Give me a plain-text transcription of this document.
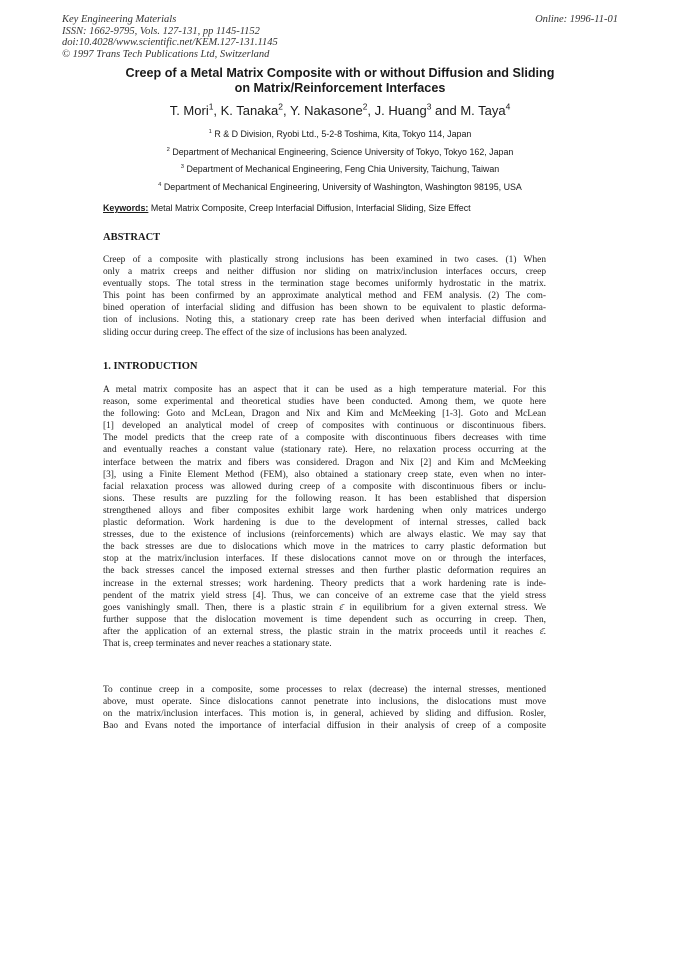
Key Engineering Materials
ISSN: 1662-9795, Vols. 127-131, pp 1145-1152
doi:10.4028/www.scientific.net/KEM.127-131.1145
© 1997 Trans Tech Publications Ltd, Switzerland
Online: 1996-11-01
Creep of a Metal Matrix Composite with or without Diffusion and Sliding
on Matrix/Reinforcement Interfaces
T. Mori$^1$, K. Tanaka$^2$, Y. Nakasone$^2$, J. Huang$^3$ and M. Taya$^4$
$^1$ R & D Division, Ryobi Ltd., 5-2-8 Toshima, Kita, Tokyo 114, Japan
$^2$ Department of Mechanical Engineering, Science University of Tokyo, Tokyo 162, Japan
$^3$ Department of Mechanical Engineering, Feng Chia University, Taichung, Taiwan
$^4$ Department of Mechanical Engineering, University of Washington, Washington 98195, USA
Keywords: Metal Matrix Composite, Creep Interfacial Diffusion, Interfacial Sliding, Size Effect
ABSTRACT
Creep of a composite with plastically strong inclusions has been examined in two cases. (1) When
only a matrix creeps and neither diffusion nor sliding on matrix/inclusion interfaces occurs, creep
eventually stops. The total stress in the termination stage becomes uniformly hydrostatic in the matrix.
This point has been confirmed by an approximate analytical method and FEM analysis. (2) The com-
bined operation of interfacial sliding and diffusion has been shown to be equivalent to plastic deforma-
tion of inclusions. Noting this, a stationary creep rate has been derived when interfacial diffusion and
sliding occur during creep. The effect of the size of inclusions has been analyzed.
1. INTRODUCTION
A metal matrix composite has an aspect that it can be used as a high temperature material. For this
reason, some experimental and theoretical studies have been conducted. Among them, we quote here
the following: Goto and McLean, Dragon and Nix and Kim and McMeeking [1-3]. Goto and McLean
[1] developed an analytical model of creep of composites with continuous or discontinuous fibers.
The model predicts that the creep rate of a composite with discontinuous fibers decreases with time
and eventually reaches a constant value (stationary rate). Here, no relaxation process occurring at the
interface between the matrix and fibers was considered. Dragon and Nix [2] and Kim and McMeeking
[3], using a Finite Element Method (FEM), also obtained a stationary creep state, even when no inter-
facial relaxation process was allowed during creep of a composite with discontinuous fibers or inclu-
sions. These results are puzzling for the following reason. It has been established that dispersion
strengthened alloys and fiber composites exhibit large work hardening when only matrices undergo
plastic deformation. Work hardening is due to the development of internal stresses, called back
stresses, due to the existence of inclusions (reinforcements) which are always elastic. We may say that
the back stresses are due to dislocations which move in the matrices to carry plastic deformation but
stop at the matrix/inclusion interfaces. If these dislocations cannot move on or through the interfaces,
the back stresses cancel the imposed external stresses and then further plastic deformation requires an
increase in the external stresses; work hardening. Theory predicts that a work hardening rate is inde-
pendent of the matrix yield stress [4]. Thus, we can conceive of an extreme case that the yield stress
goes vanishingly small. Then, there is a plastic strain ε̄ in equilibrium for a given external stress. We
further suppose that the dislocation movement is time dependent such as occurring in creep. Then,
after the application of an external stress, the plastic strain in the matrix proceeds until it reaches ε̄.
That is, creep terminates and never reaches a stationary state.
To continue creep in a composite, some processes to relax (decrease) the internal stresses, mentioned
above, must operate. Since dislocations cannot penetrate into inclusions, the dislocations must move
on the matrix/inclusion interfaces. This motion is, in general, achieved by sliding and diffusion. Rosler,
Bao and Evans noted the importance of interfacial diffusion in their analysis of creep of a composite
